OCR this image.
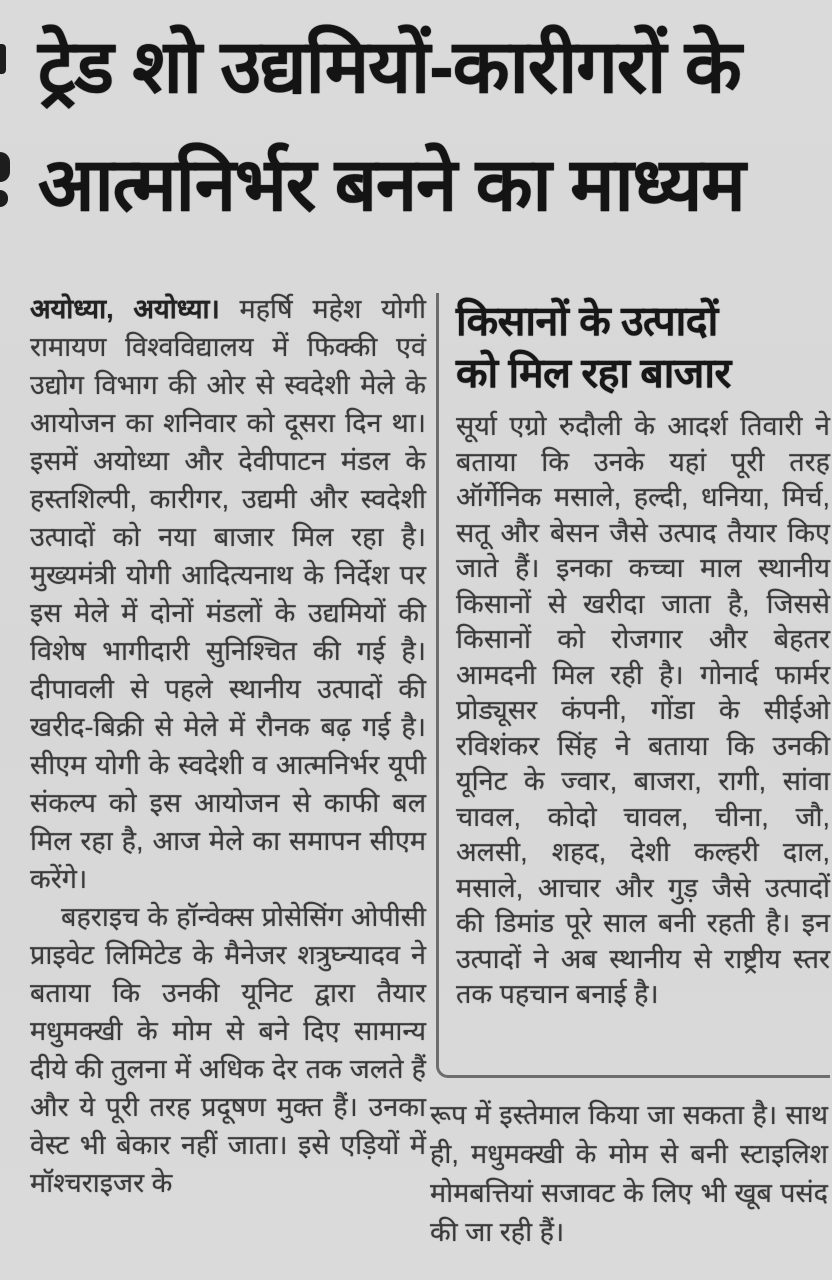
ट्रेड शो उद्यमियों-कारीगरों के
आत्मनिर्भर बनने का माध्यम

अयोध्या, अयोध्या। महर्षि महेश योगी रामायण विश्वविद्यालय में फिक्की एवं उद्योग विभाग की ओर से स्वदेशी मेले के आयोजन का शनिवार को दूसरा दिन था। इसमें अयोध्या और देवीपाटन मंडल के हस्तशिल्पी, कारीगर, उद्यमी और स्वदेशी उत्पादों को नया बाजार मिल रहा है। मुख्यमंत्री योगी आदित्यनाथ के निर्देश पर इस मेले में दोनों मंडलों के उद्यमियों की विशेष भागीदारी सुनिश्चित की गई है। दीपावली से पहले स्थानीय उत्पादों की खरीद-बिक्री से मेले में रौनक बढ़ गई है। सीएम योगी के स्वदेशी व आत्मनिर्भर यूपी संकल्प को इस आयोजन से काफी बल मिल रहा है, आज मेले का समापन सीएम करेंगे।

बहराइच के हॉन्वेक्स प्रोसेसिंग ओपीसी प्राइवेट लिमिटेड के मैनेजर शत्रुघ्न्यादव ने बताया कि उनकी यूनिट द्वारा तैयार मधुमक्खी के मोम से बने दिए सामान्य दीये की तुलना में अधिक देर तक जलते हैं और ये पूरी तरह प्रदूषण मुक्त हैं। उनका वेस्ट भी बेकार नहीं जाता। इसे एड़ियों में मॉश्चराइजर के

किसानों के उत्पादों
को मिल रहा बाजार

सूर्या एग्रो रुदौली के आदर्श तिवारी ने बताया कि उनके यहां पूरी तरह ऑर्गेनिक मसाले, हल्दी, धनिया, मिर्च, सतू और बेसन जैसे उत्पाद तैयार किए जाते हैं। इनका कच्चा माल स्थानीय किसानों से खरीदा जाता है, जिससे किसानों को रोजगार और बेहतर आमदनी मिल रही है। गोनार्द फार्मर प्रोड्यूसर कंपनी, गोंडा के सीईओ रविशंकर सिंह ने बताया कि उनकी यूनिट के ज्वार, बाजरा, रागी, सांवा चावल, कोदो चावल, चीना, जौ, अलसी, शहद, देशी कल्हरी दाल, मसाले, आचार और गुड़ जैसे उत्पादों की डिमांड पूरे साल बनी रहती है। इन उत्पादों ने अब स्थानीय से राष्ट्रीय स्तर तक पहचान बनाई है।

रूप में इस्तेमाल किया जा सकता है। साथ ही, मधुमक्खी के मोम से बनी स्टाइलिश मोमबत्तियां सजावट के लिए भी खूब पसंद की जा रही हैं।
